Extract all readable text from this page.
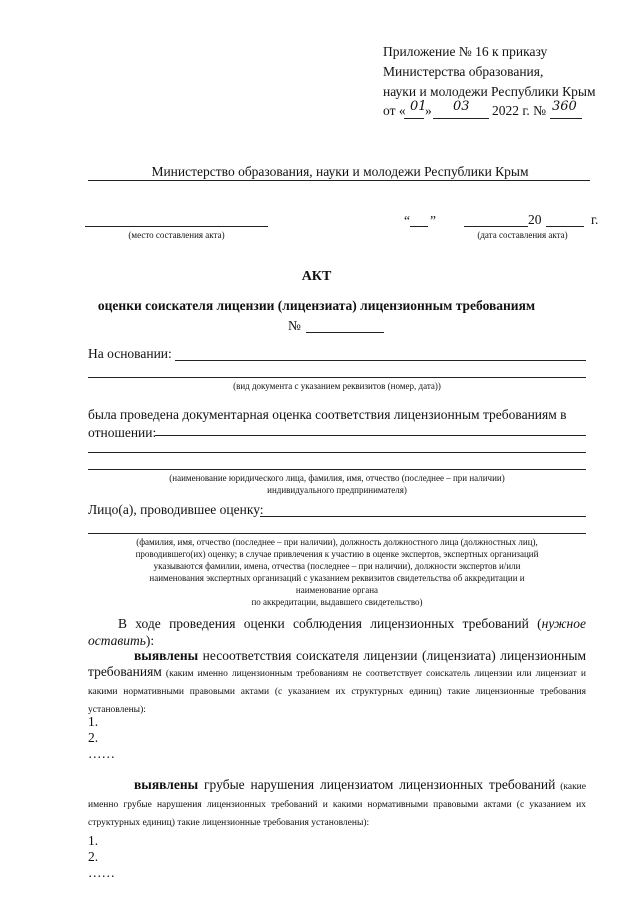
Приложение № 16 к приказу
Министерства образования,
науки и молодежи Республики Крым
от « 01
» 03 2022 г. № 360
Министерство образования, науки и молодежи Республики Крым
(место составления акта)
“ ”	20	г.
(дата составления акта)
АКТ
оценки соискателя лицензии (лицензиата) лицензионным требованиям
№
На основании:
(вид документа с указанием реквизитов (номер, дата))
была проведена документарная оценка соответствия лицензионным требованиям в отношении:
(наименование юридического лица, фамилия, имя, отчество (последнее – при наличии)
индивидуального предпринимателя)
Лицо(а), проводившее оценку:
(фамилия, имя, отчество (последнее – при наличии), должность должностного лица (должностных лиц),
проводившего(их) оценку; в случае привлечения к участию в оценке экспертов, экспертных организаций
указываются фамилии, имена, отчества (последнее – при наличии), должности экспертов и/или
наименования экспертных организаций с указанием реквизитов свидетельства об аккредитации и
наименование органа
по аккредитации, выдавшего свидетельство)
В ходе проведения оценки соблюдения лицензионных требований (нужное оставить):
выявлены несоответствия соискателя лицензии (лицензиата) лицензионным требованиям (каким именно лицензионным требованиям не соответствует соискатель лицензии или лицензиат и какими нормативными правовыми актами (с указанием их структурных единиц) такие лицензионные требования установлены):
1.
2.
……
выявлены грубые нарушения лицензиатом лицензионных требований (какие именно грубые нарушения лицензионных требований и какими нормативными правовыми актами (с указанием их структурных единиц) такие лицензионные требования установлены):
1.
2.
……
